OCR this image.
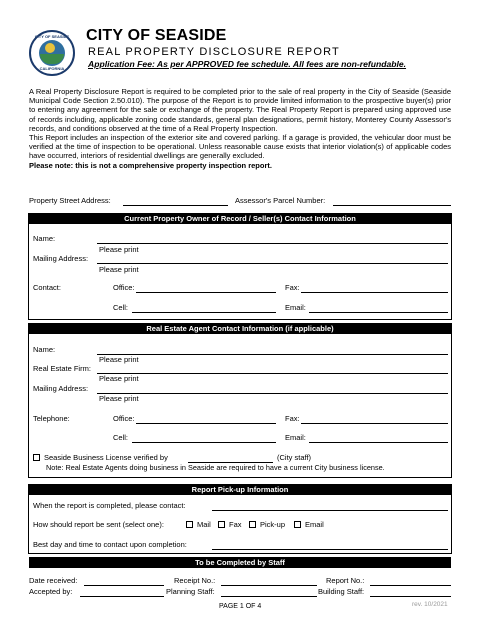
CITY OF SEASIDE
CALIFORNIA
CITY OF SEASIDE
REAL PROPERTY DISCLOSURE REPORT
Application Fee: As per APPROVED fee schedule. All fees are non-refundable.
A Real Property Disclosure Report is required to be completed prior to the sale of real property in the City of Seaside (Seaside Municipal Code Section 2.50.010). The purpose of the Report is to provide limited information to the prospective buyer(s) prior to entering any agreement for the sale or exchange of the property. The Real Property Report is prepared using approved use of records including, applicable zoning code standards, general plan designations, permit history, Monterey County Assessor's records, and conditions observed at the time of a Real Property Inspection.
This Report includes an inspection of the exterior site and covered parking. If a garage is provided, the vehicular door must be verified at the time of inspection to be operational. Unless reasonable cause exists that interior violation(s) of applicable codes have occurred, interiors of residential dwellings are generally excluded.
Please note: this is not a comprehensive property inspection report.
Property Street Address:	Assessor's Parcel Number:
Current Property Owner of Record / Seller(s) Contact Information
Name:
Please print
Mailing Address:
Please print
Contact:	Office:	Fax:
Cell:	Email:
Real Estate Agent Contact Information (if applicable)
Name:
Please print
Real Estate Firm:
Please print
Mailing Address:
Please print
Telephone:	Office:	Fax:
Cell:	Email:
Seaside Business License verified by	(City staff)
Note: Real Estate Agents doing business in Seaside are required to have a current City business license.
Report Pick-up Information
When the report is completed, please contact:
How should report be sent (select one):	Mail Fax Pick-up	Email
Best day and time to contact upon completion:
To be Completed by Staff
Date received:	Receipt No.:	Report No.:
Accepted by:	Planning Staff:	Building Staff:
PAGE 1 OF 4	rev. 10/2021
